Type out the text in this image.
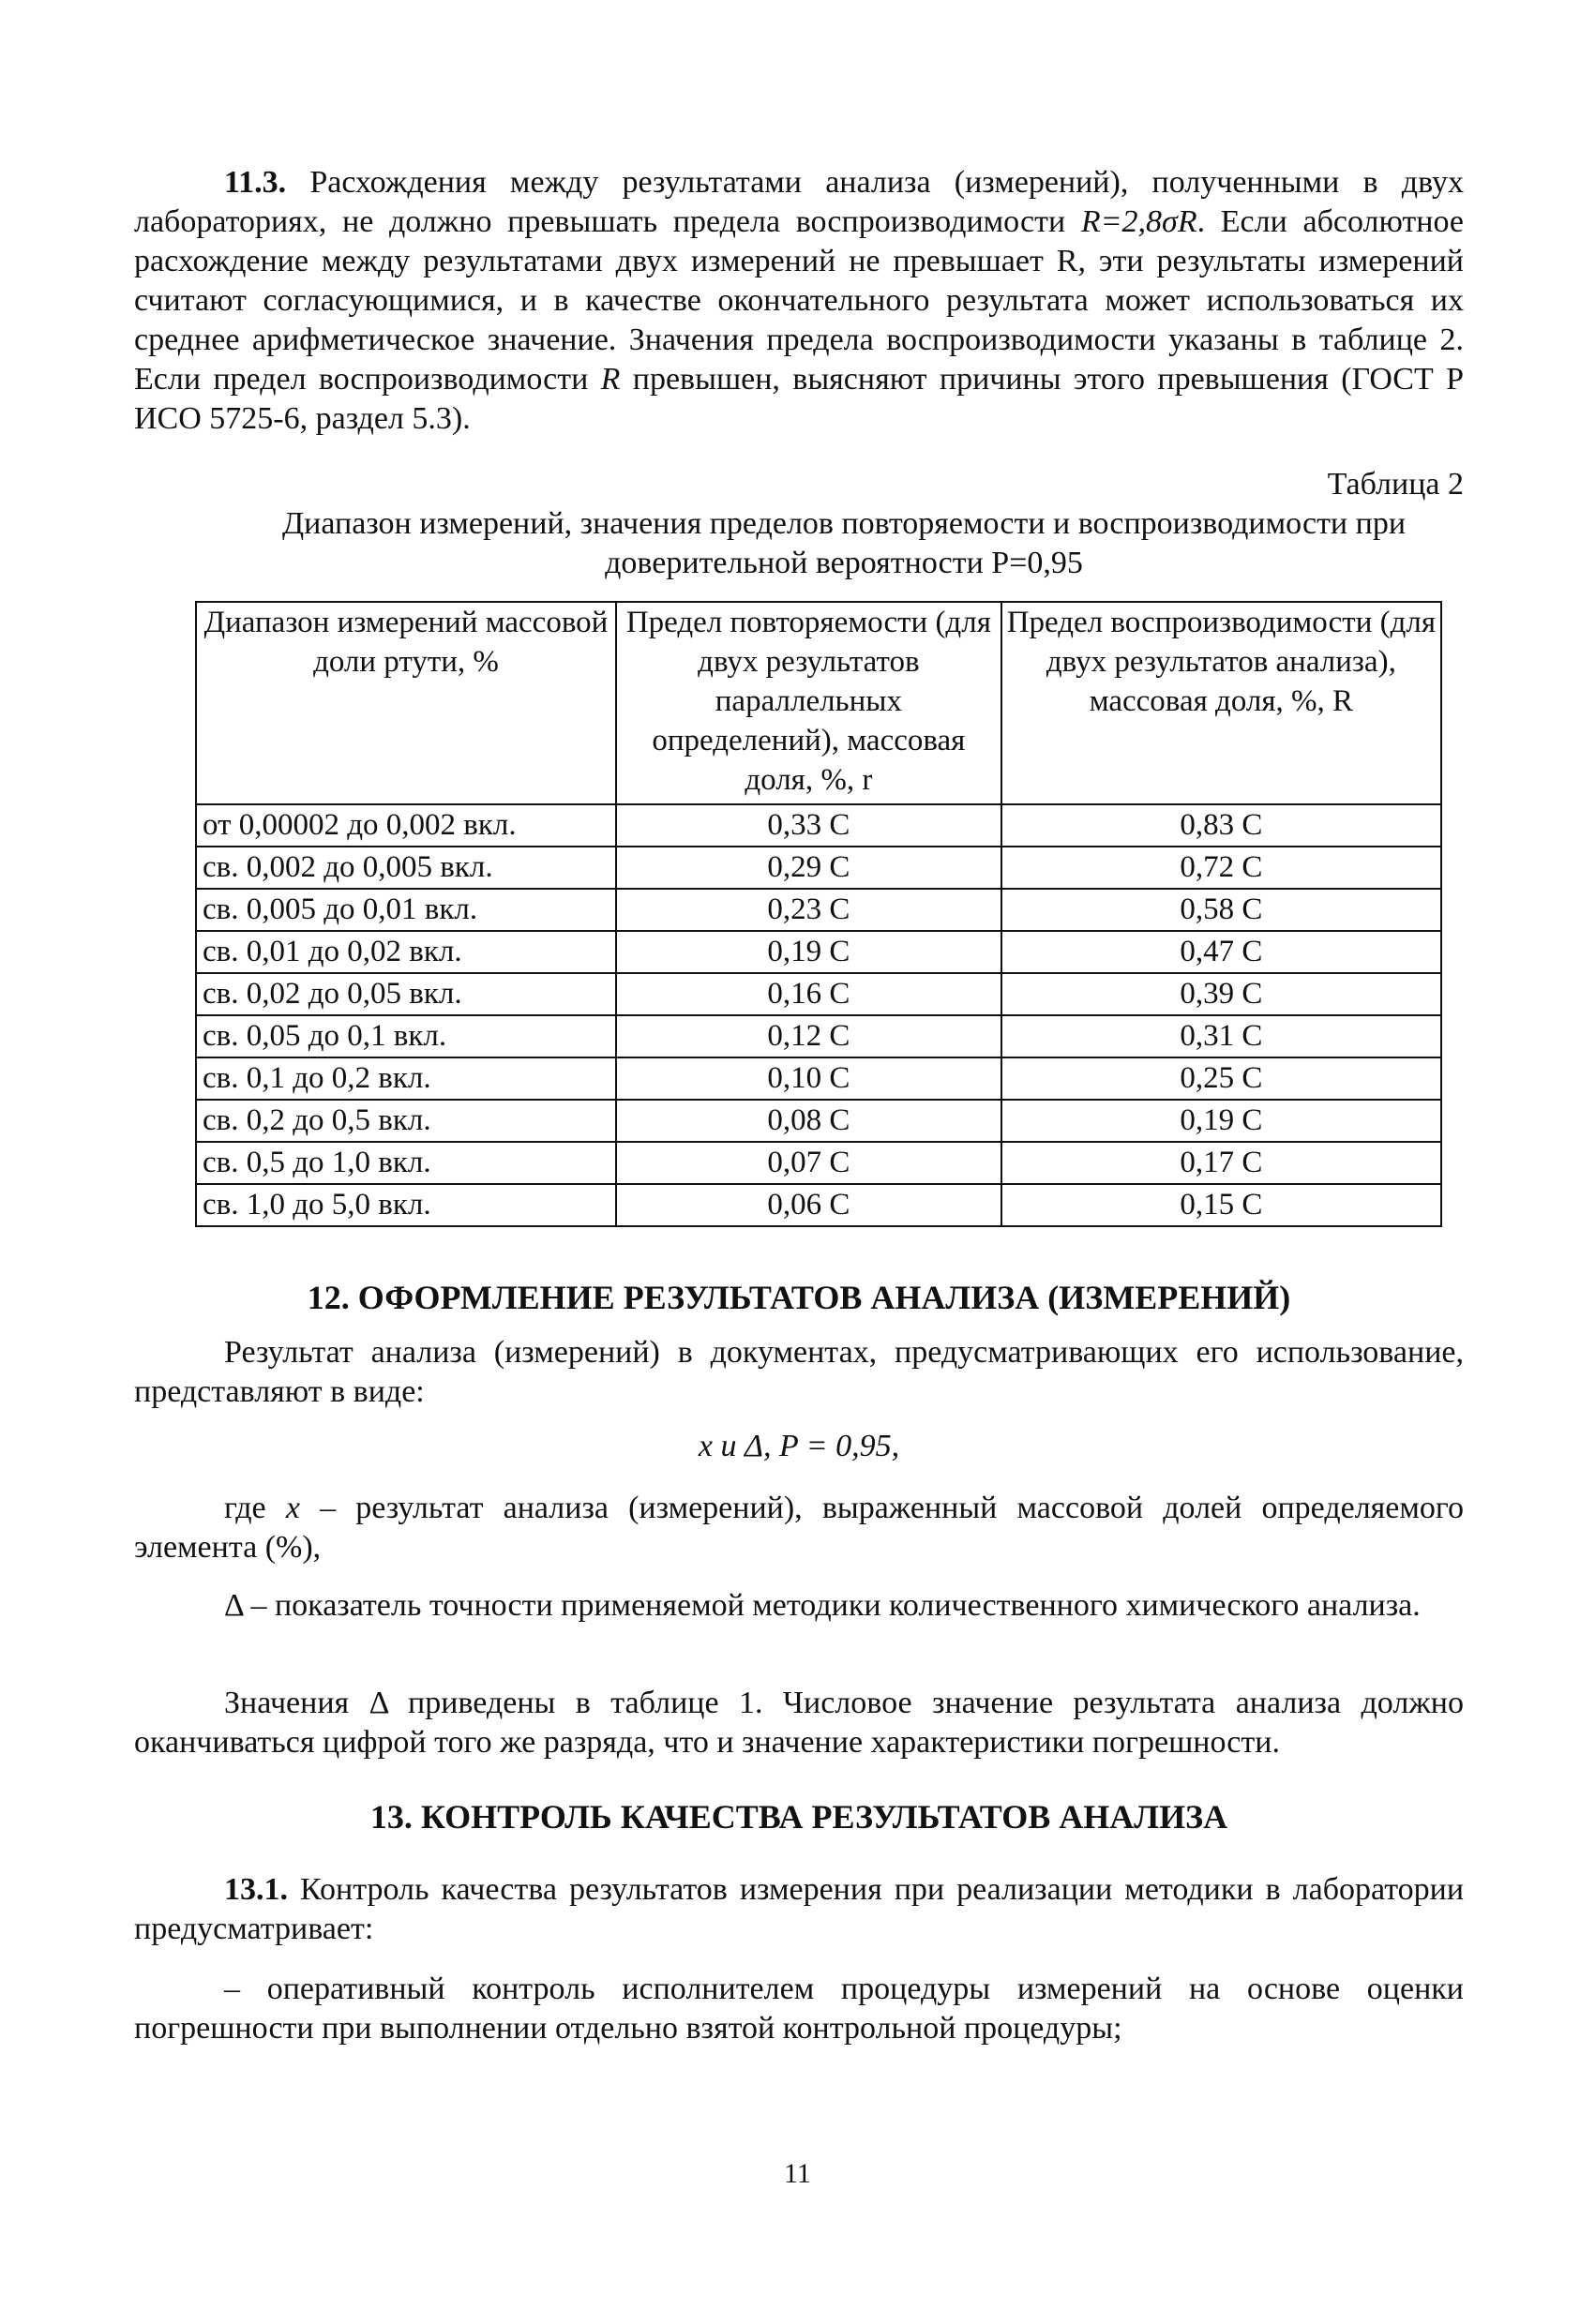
11.3. Расхождения между результатами анализа (измерений), полученными в двух лабораториях, не должно превышать предела воспроизводимости R=2,8σR. Если абсолютное расхождение между результатами двух измерений не превышает R, эти результаты измерений считают согласующимися, и в качестве окончательного результата может использоваться их среднее арифметическое значение. Значения предела воспроизводимости указаны в таблице 2. Если предел воспроизводимости R превышен, выясняют причины этого превышения (ГОСТ Р ИСО 5725-6, раздел 5.3).

Таблица 2
Диапазон измерений, значения пределов повторяемости и воспроизводимости при доверительной вероятности P=0,95
Диапазон измерений массовой доли ртути, %	Предел повторяемости (для двух результатов параллельных определений), массовая доля, %, r	Предел воспроизводимости (для двух результатов анализа), массовая доля, %, R
от 0,00002 до 0,002 вкл.	0,33 C	0,83 C
св. 0,002 до 0,005 вкл.	0,29 C	0,72 C
св. 0,005 до 0,01 вкл.	0,23 C	0,58 C
св. 0,01 до 0,02 вкл.	0,19 C	0,47 C
св. 0,02 до 0,05 вкл.	0,16 C	0,39 C
св. 0,05 до 0,1 вкл.	0,12 C	0,31 C
св. 0,1 до 0,2 вкл.	0,10 C	0,25 C
св. 0,2 до 0,5 вкл.	0,08 C	0,19 C
св. 0,5 до 1,0 вкл.	0,07 C	0,17 C
св. 1,0 до 5,0 вкл.	0,06 C	0,15 C
12. ОФОРМЛЕНИЕ РЕЗУЛЬТАТОВ АНАЛИЗА (ИЗМЕРЕНИЙ)

Результат анализа (измерений) в документах, предусматривающих его использование, представляют в виде:

x и Δ, P = 0,95,

где x – результат анализа (измерений), выраженный массовой долей определяемого элемента (%),

Δ – показатель точности применяемой методики количественного химического анализа.

Значения Δ приведены в таблице 1. Числовое значение результата анализа должно оканчиваться цифрой того же разряда, что и значение характеристики погрешности.

13. КОНТРОЛЬ КАЧЕСТВА РЕЗУЛЬТАТОВ АНАЛИЗА

13.1. Контроль качества результатов измерения при реализации методики в лаборатории предусматривает:

– оперативный контроль исполнителем процедуры измерений на основе оценки погрешности при выполнении отдельно взятой контрольной процедуры;

11
